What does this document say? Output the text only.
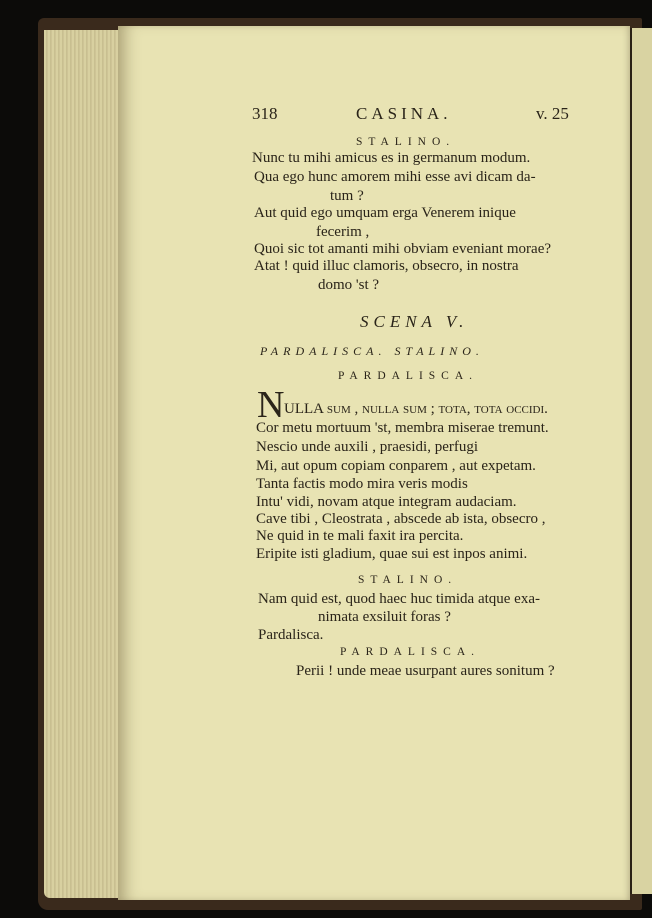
318	CASINA.	v. 25
STALINO.
Nunc tu mihi amicus es in germanum modum.
Qua ego hunc amorem mihi esse avi dicam da-
tum ?
Aut quid ego umquam erga Venerem inique
fecerim ,
Quoi sic tot amanti mihi obviam eveniant morae?
Atat ! quid illuc clamoris, obsecro, in nostra
domo 'st ?
SCENA V.
PARDALISCA. STALINO.
PARDALISCA.
N ULLA sum , nulla sum ; tota, tota occidi.
Cor metu mortuum 'st, membra miserae tremunt.
Nescio unde auxili , praesidi, perfugi
Mi, aut opum copiam conparem , aut expetam.
Tanta factis modo mira veris modis
Intu' vidi, novam atque integram audaciam.
Cave tibi , Cleostrata , abscede ab ista, obsecro ,
Ne quid in te mali faxit ira percita.
Eripite isti gladium, quae sui est inpos animi.
STALINO.
Nam quid est, quod haec huc timida atque exa-
nimata exsiluit foras ?
Pardalisca.
PARDALISCA.
Perii ! unde meae usurpant aures sonitum ?
